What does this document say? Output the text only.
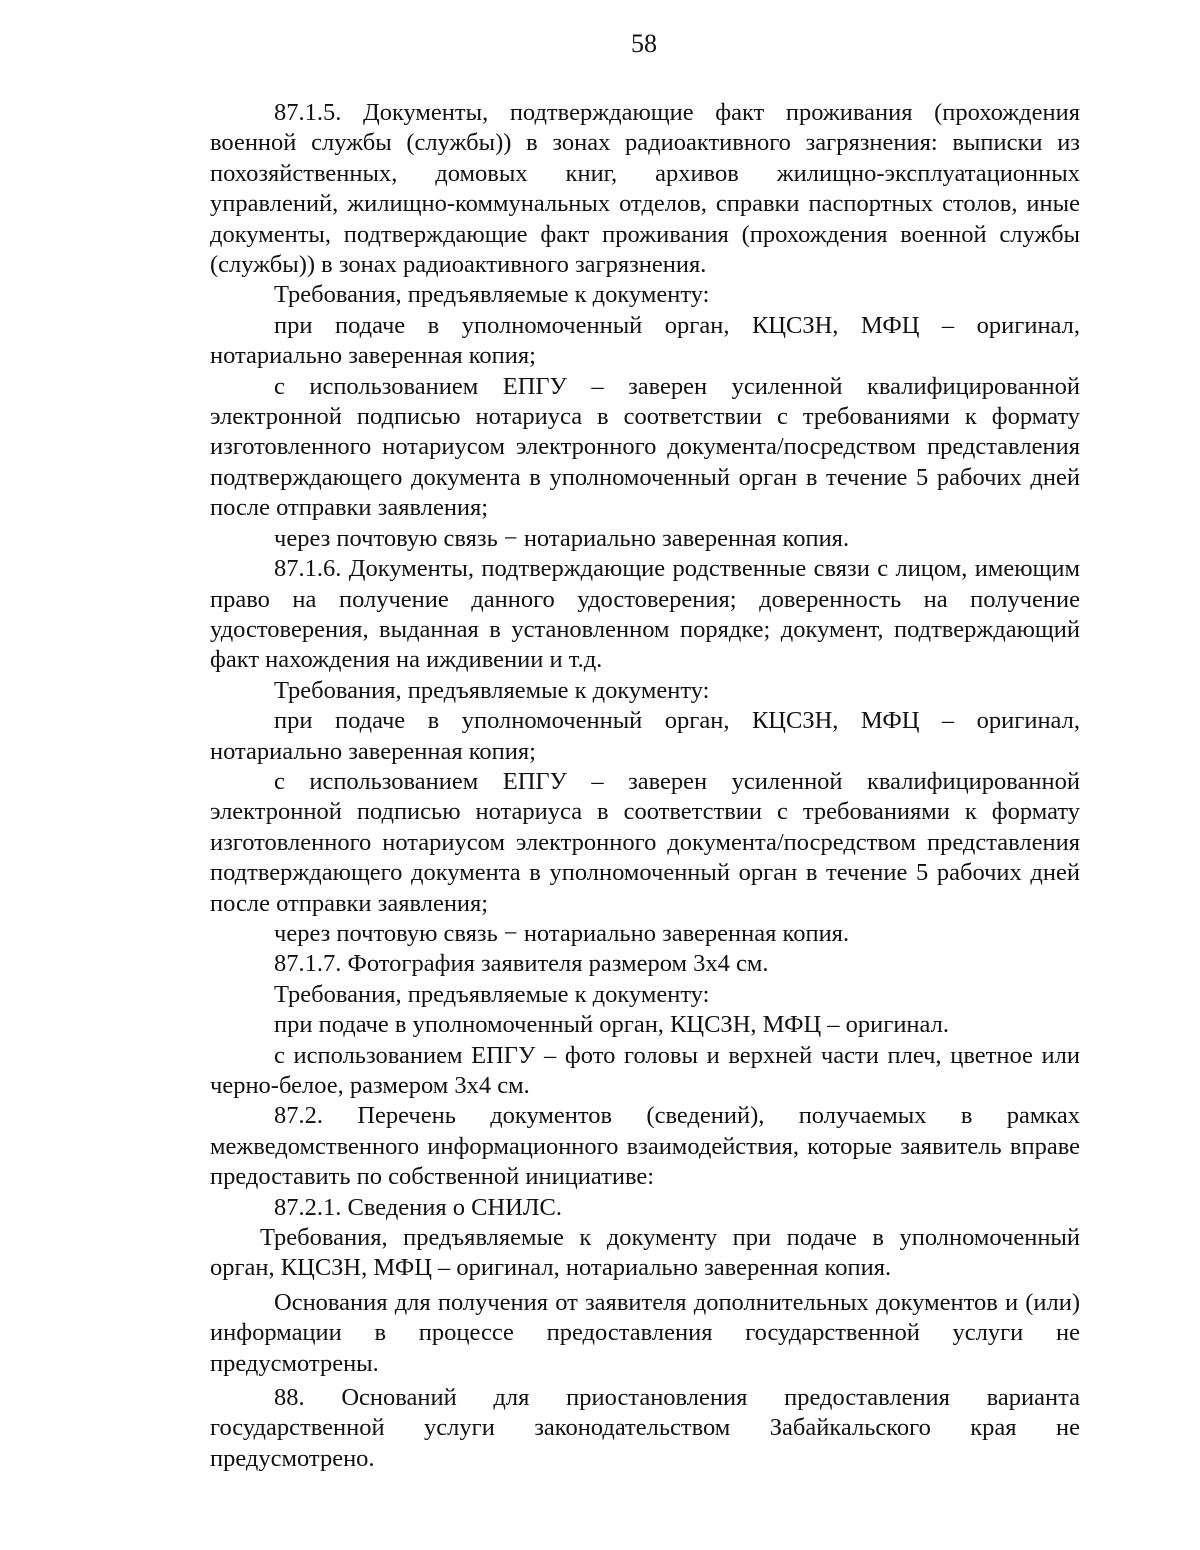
58

87.1.5. Документы, подтверждающие факт проживания (прохождения военной службы (службы)) в зонах радиоактивного загрязнения: выписки из похозяйственных, домовых книг, архивов жилищно-эксплуатационных управлений, жилищно-коммунальных отделов, справки паспортных столов, иные документы, подтверждающие факт проживания (прохождения военной службы (службы)) в зонах радиоактивного загрязнения.

Требования, предъявляемые к документу:

при подаче в уполномоченный орган, КЦСЗН, МФЦ – оригинал, нотариально заверенная копия;

с использованием ЕПГУ – заверен усиленной квалифицированной электронной подписью нотариуса в соответствии с требованиями к формату изготовленного нотариусом электронного документа/посредством представления подтверждающего документа в уполномоченный орган в течение 5 рабочих дней после отправки заявления;

через почтовую связь − нотариально заверенная копия.

87.1.6. Документы, подтверждающие родственные связи с лицом, имеющим право на получение данного удостоверения; доверенность на получение удостоверения, выданная в установленном порядке; документ, подтверждающий факт нахождения на иждивении и т.д.

Требования, предъявляемые к документу:

при подаче в уполномоченный орган, КЦСЗН, МФЦ – оригинал, нотариально заверенная копия;

с использованием ЕПГУ – заверен усиленной квалифицированной электронной подписью нотариуса в соответствии с требованиями к формату изготовленного нотариусом электронного документа/посредством представления подтверждающего документа в уполномоченный орган в течение 5 рабочих дней после отправки заявления;

через почтовую связь − нотариально заверенная копия.

87.1.7. Фотография заявителя размером 3х4 см.

Требования, предъявляемые к документу:

при подаче в уполномоченный орган, КЦСЗН, МФЦ – оригинал.

с использованием ЕПГУ – фото головы и верхней части плеч, цветное или черно-белое, размером 3х4 см.

87.2. Перечень документов (сведений), получаемых в рамках межведомственного информационного взаимодействия, которые заявитель вправе предоставить по собственной инициативе:

87.2.1. Сведения о СНИЛС.

Требования, предъявляемые к документу при подаче в уполномоченный орган, КЦСЗН, МФЦ – оригинал, нотариально заверенная копия.

Основания для получения от заявителя дополнительных документов и (или) информации в процессе предоставления государственной услуги не предусмотрены.

88. Оснований для приостановления предоставления варианта государственной услуги законодательством Забайкальского края не предусмотрено.
